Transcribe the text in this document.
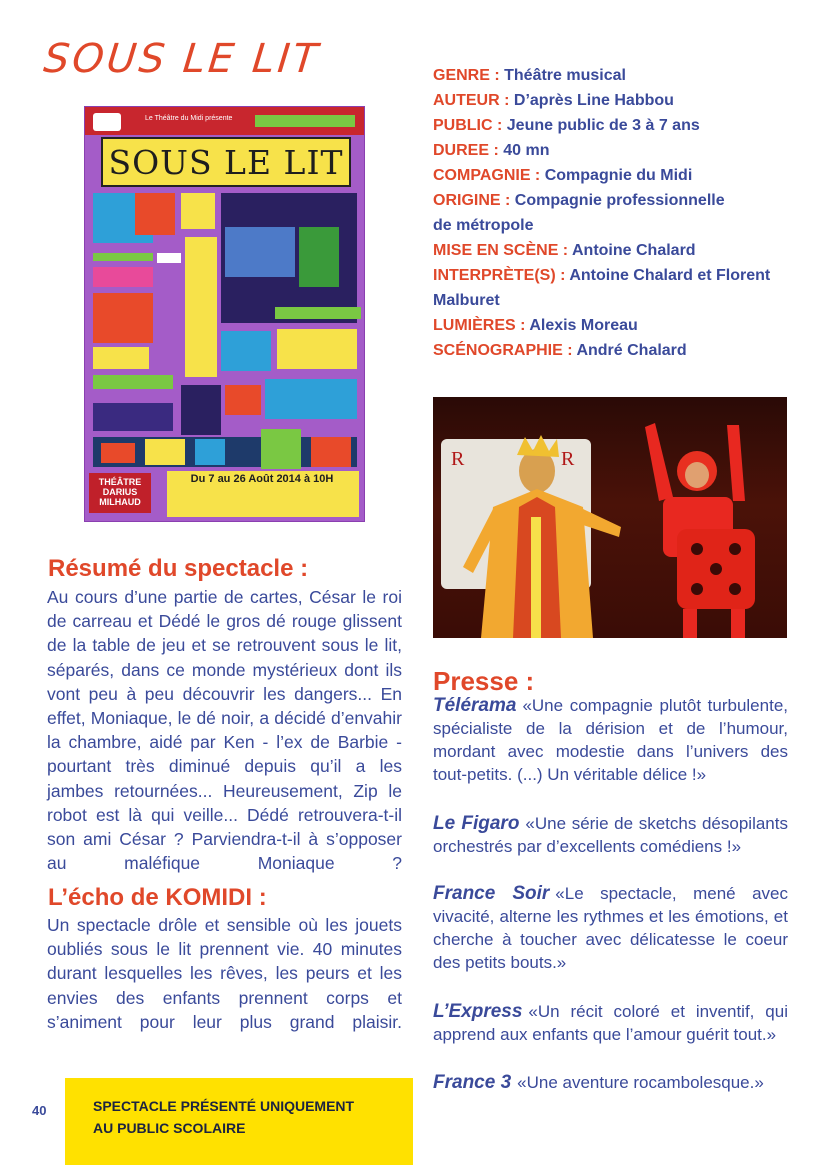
SOUS LE LIT
Le Théâtre du Midi présente
SOUS LE LIT
THÉÂTRE
DARIUS
MILHAUD
Du 7 au 26 Août 2014 à 10H
GENRE : Théâtre musical
AUTEUR : D’après Line Habbou
PUBLIC : Jeune public de 3 à 7 ans
DUREE : 40 mn
COMPAGNIE : Compagnie du Midi
ORIGINE : Compagnie professionnelle
de métropole
MISE EN SCÈNE : Antoine Chalard
INTERPRÈTE(S) : Antoine Chalard et Florent
Malburet
LUMIÈRES : Alexis Moreau
SCÉNOGRAPHIE : André Chalard
R	R
Résumé du spectacle :
Au cours d’une partie de cartes, César le roi de carreau et Dédé le gros dé rouge glissent de la table de jeu et se retrouvent sous le lit, séparés, dans ce monde mystérieux dont ils vont peu à peu découvrir les dangers... En effet, Moniaque, le dé noir, a décidé d’envahir la chambre, aidé par Ken - l’ex de Barbie - pourtant très diminué depuis qu’il a les jambes retournées... Heureusement, Zip le robot est là qui veille... Dédé retrouvera-t-il son ami César ? Parviendra-t-il à s’opposer au maléfique Moniaque ?
L’écho de KOMIDI :
Un spectacle drôle et sensible où les jouets oubliés sous le lit prennent vie. 40 minutes durant lesquelles les rêves, les peurs et les envies des enfants prennent corps et s’animent pour leur plus grand plaisir.
Presse :
Télérama «Une compagnie plutôt turbulente, spécialiste de la dérision et de l’humour, mordant avec modestie dans l’univers des tout-petits. (...) Un véritable délice !»
Le Figaro «Une série de sketchs désopilants orchestrés par d’excellents comédiens !»
France Soir «Le spectacle, mené avec vivacité, alterne les rythmes et les émotions, et cherche à toucher avec délicatesse le coeur des petits bouts.»
L’Express «Un récit coloré et inventif, qui apprend aux enfants que l’amour guérit tout.»
France 3 «Une aventure rocambolesque.»
SPECTACLE PRÉSENTÉ UNIQUEMENT
AU PUBLIC SCOLAIRE
40
